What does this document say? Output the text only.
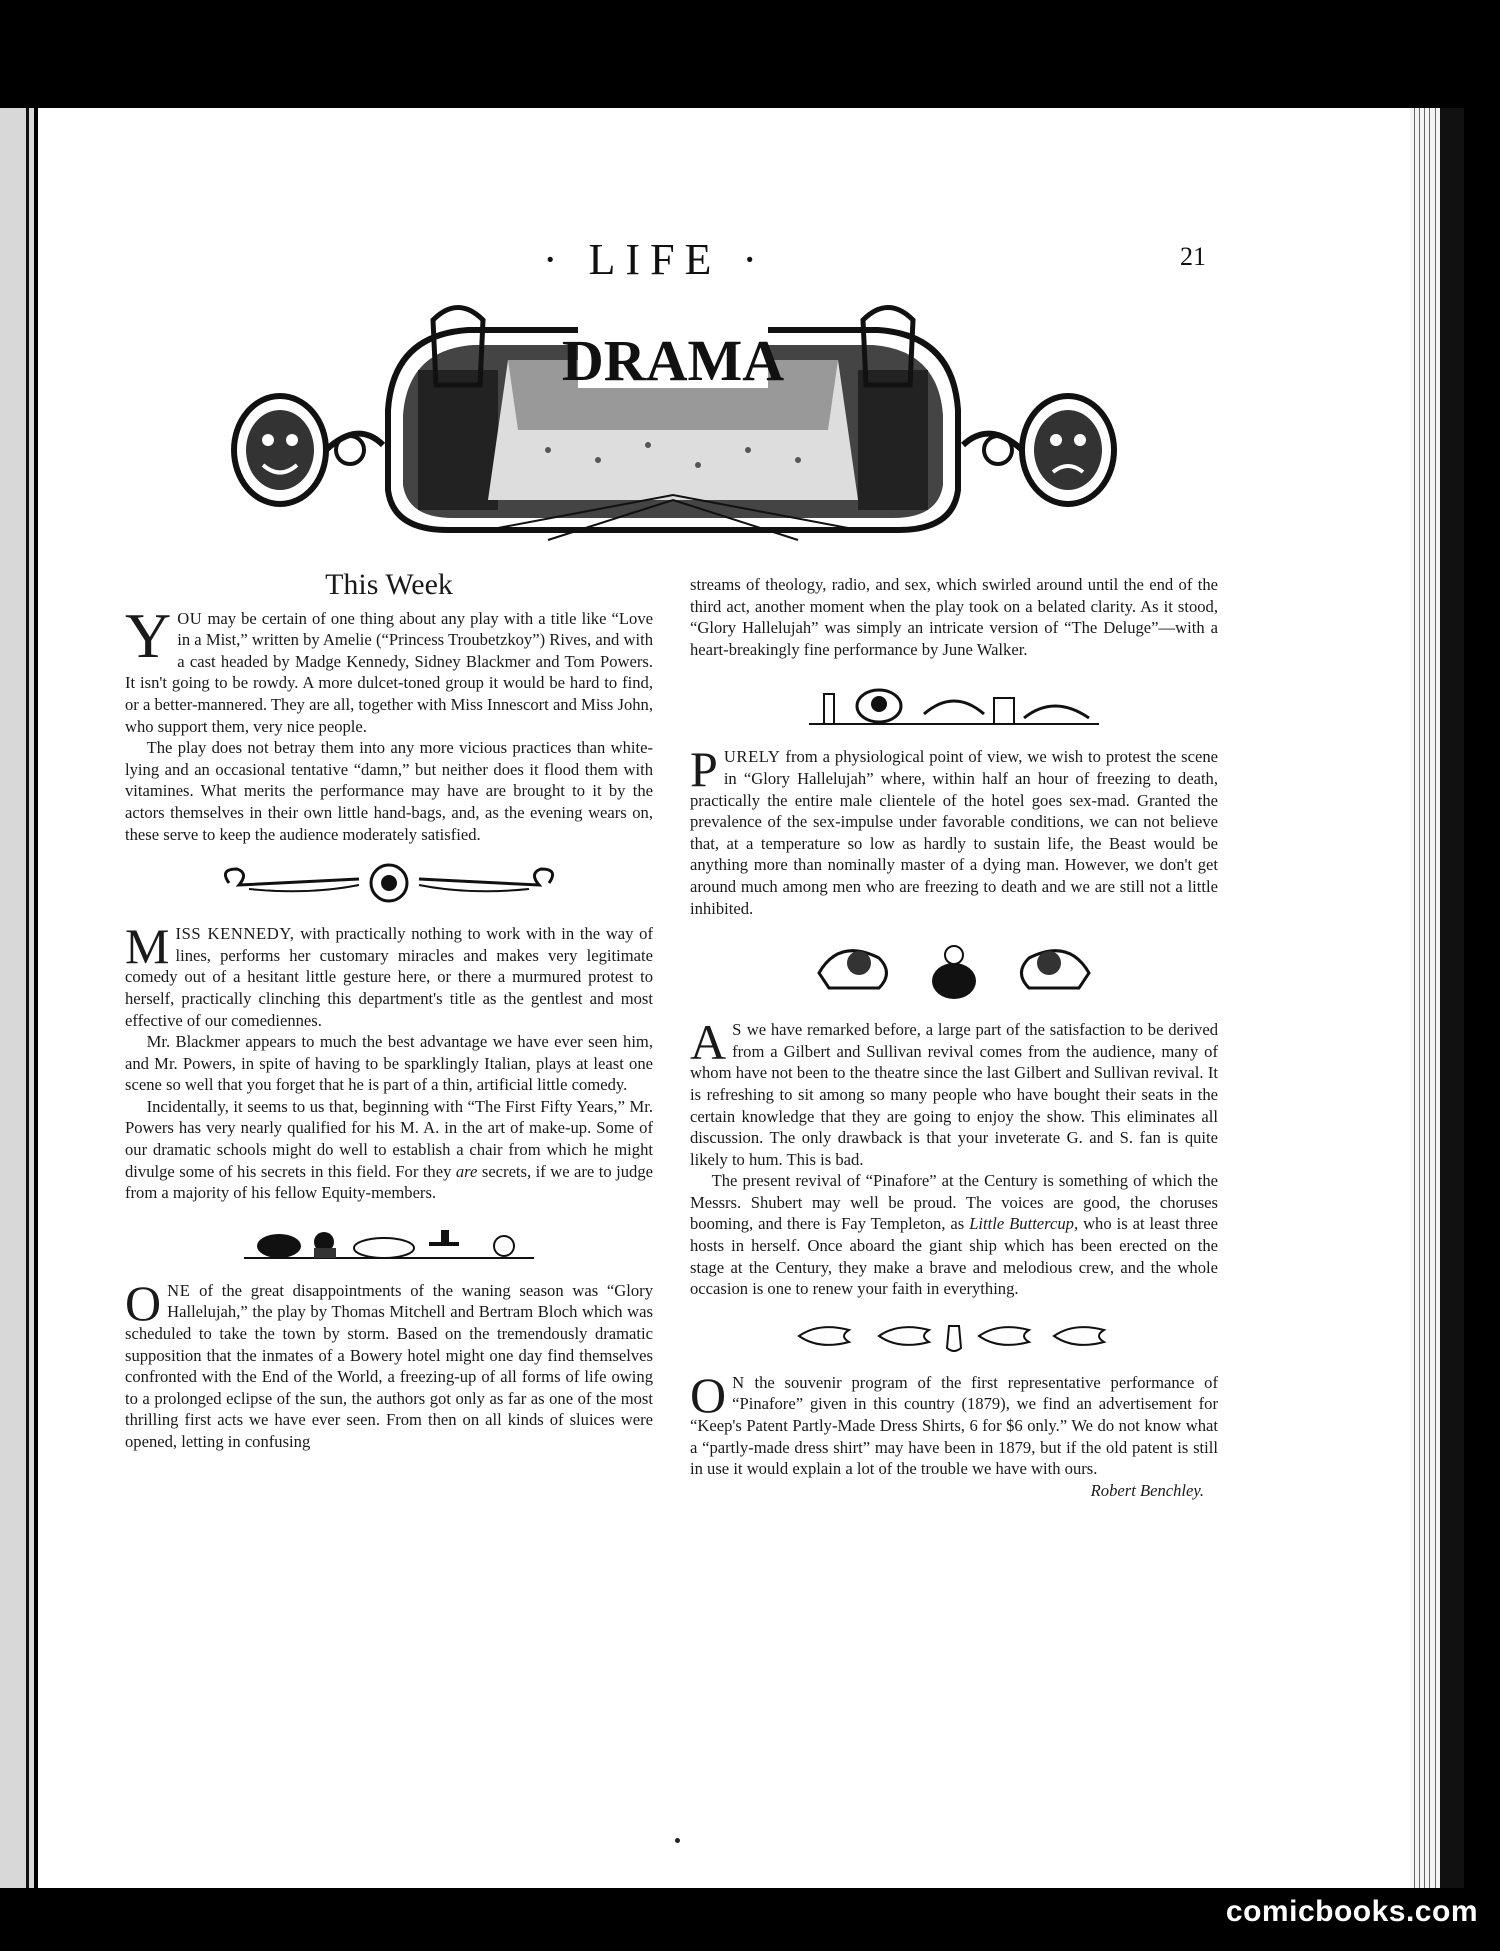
· LIFE ·	21
DRAMA
This Week

YOU may be certain of one thing about any play with a title like “Love in a Mist,” written by Amelie (“Princess Troubetzkoy”) Rives, and with a cast headed by Madge Kennedy, Sidney Blackmer and Tom Powers. It isn't going to be rowdy. A more dulcet-toned group it would be hard to find, or a better-mannered. They are all, together with Miss Innescort and Miss John, who support them, very nice people.

The play does not betray them into any more vicious practices than white-lying and an occasional tentative “damn,” but neither does it flood them with vitamines. What merits the performance may have are brought to it by the actors themselves in their own little hand-bags, and, as the evening wears on, these serve to keep the audience moderately satisfied.

MISS KENNEDY, with practically nothing to work with in the way of lines, performs her customary miracles and makes very legitimate comedy out of a hesitant little gesture here, or there a murmured protest to herself, practically clinching this department's title as the gentlest and most effective of our comediennes.

Mr. Blackmer appears to much the best advantage we have ever seen him, and Mr. Powers, in spite of having to be sparklingly Italian, plays at least one scene so well that you forget that he is part of a thin, artificial little comedy.

Incidentally, it seems to us that, beginning with “The First Fifty Years,” Mr. Powers has very nearly qualified for his M. A. in the art of make-up. Some of our dramatic schools might do well to establish a chair from which he might divulge some of his secrets in this field. For they are secrets, if we are to judge from a majority of his fellow Equity-members.

ONE of the great disappointments of the waning season was “Glory Hallelujah,” the play by Thomas Mitchell and Bertram Bloch which was scheduled to take the town by storm. Based on the tremendously dramatic supposition that the inmates of a Bowery hotel might one day find themselves confronted with the End of the World, a freezing-up of all forms of life owing to a prolonged eclipse of the sun, the authors got only as far as one of the most thrilling first acts we have ever seen. From then on all kinds of sluices were opened, letting in confusing

streams of theology, radio, and sex, which swirled around until the end of the third act, another moment when the play took on a belated clarity. As it stood, “Glory Hallelujah” was simply an intricate version of “The Deluge”—with a heart-breakingly fine performance by June Walker.

PURELY from a physiological point of view, we wish to protest the scene in “Glory Hallelujah” where, within half an hour of freezing to death, practically the entire male clientele of the hotel goes sex-mad. Granted the prevalence of the sex-impulse under favorable conditions, we can not believe that, at a temperature so low as hardly to sustain life, the Beast would be anything more than nominally master of a dying man. However, we don't get around much among men who are freezing to death and we are still not a little inhibited.

A S we have remarked before, a large part of the satisfaction to be derived from a Gilbert and Sullivan revival comes from the audience, many of whom have not been to the theatre since the last Gilbert and Sullivan revival. It is refreshing to sit among so many people who have bought their seats in the certain knowledge that they are going to enjoy the show. This eliminates all discussion. The only drawback is that your inveterate G. and S. fan is quite likely to hum. This is bad.

The present revival of “Pinafore” at the Century is something of which the Messrs. Shubert may well be proud. The voices are good, the choruses booming, and there is Fay Templeton, as Little Buttercup, who is at least three hosts in herself. Once aboard the giant ship which has been erected on the stage at the Century, they make a brave and melodious crew, and the whole occasion is one to renew your faith in everything.

O N the souvenir program of the first representative performance of “Pinafore” given in this country (1879), we find an advertisement for “Keep's Patent Partly-Made Dress Shirts, 6 for $6 only.” We do not know what a “partly-made dress shirt” may have been in 1879, but if the old patent is still in use it would explain a lot of the trouble we have with ours.
Robert Benchley.

comicbooks.com
